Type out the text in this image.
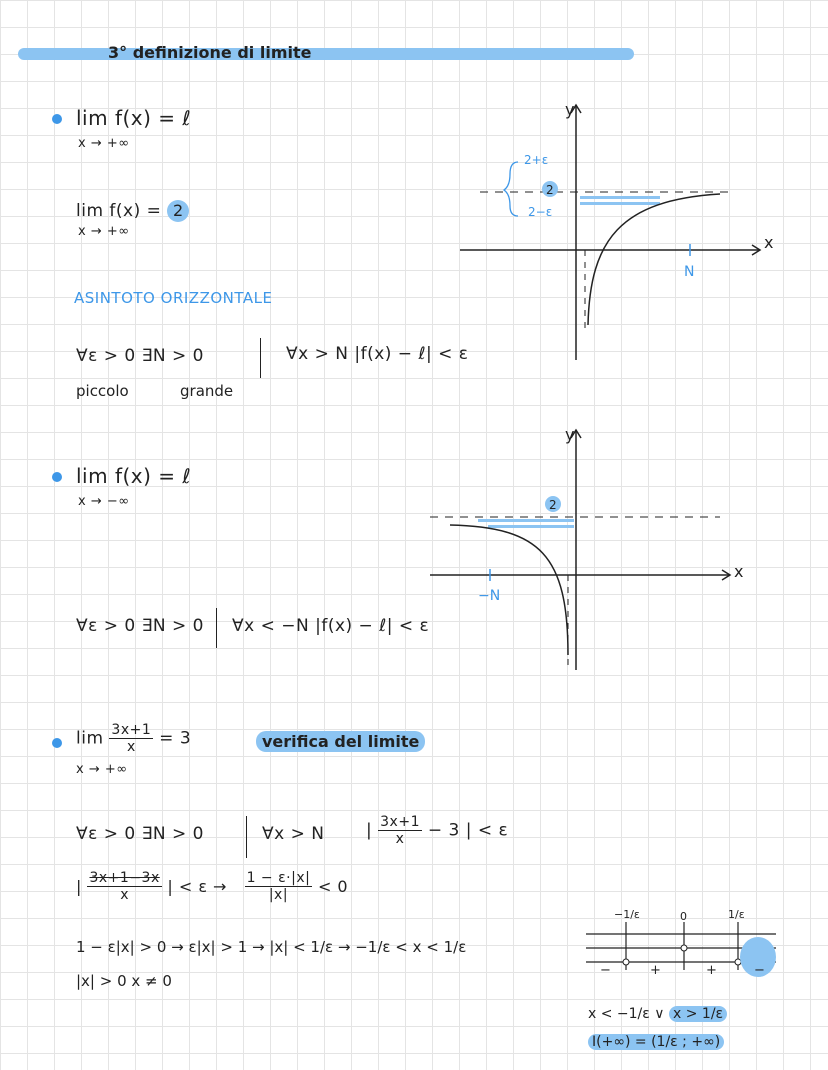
3° definizione di limite
lim f(x) = ℓ
x → +∞
lim f(x) = 2
x → +∞
ASINTOTO ORIZZONTALE
∀ε > 0 ∃N > 0	∀x > N |f(x) − ℓ| < ε
piccolo	grande
y
x
2+ε
2
2−ε
N
lim f(x) = ℓ
x → −∞
∀ε > 0 ∃N > 0 ∀x < −N |f(x) − ℓ| < ε
y
x
2
−N
$\lim \frac{3x+1}{x} = 3$
x → +∞
verifica del limite
∀ε > 0 ∃N > 0	∀x > N | $\frac{3x+1}{x} - 3$ | < ε
| $\frac{3x+1-3x}{x}$ | < $\varepsilon \to \frac{1 - \varepsilon\cdot|x|}{|x|} < 0$
1 − ε|x| > 0 → ε|x| > 1 → |x| < 1/ε → −1/ε < x < 1/ε
|x| > 0 x ≠ 0
−1/ε	0	1/ε
−	+	+	−
x < −1/ε ∨ x > 1/ε
I(+∞) = (1/ε ; +∞)
